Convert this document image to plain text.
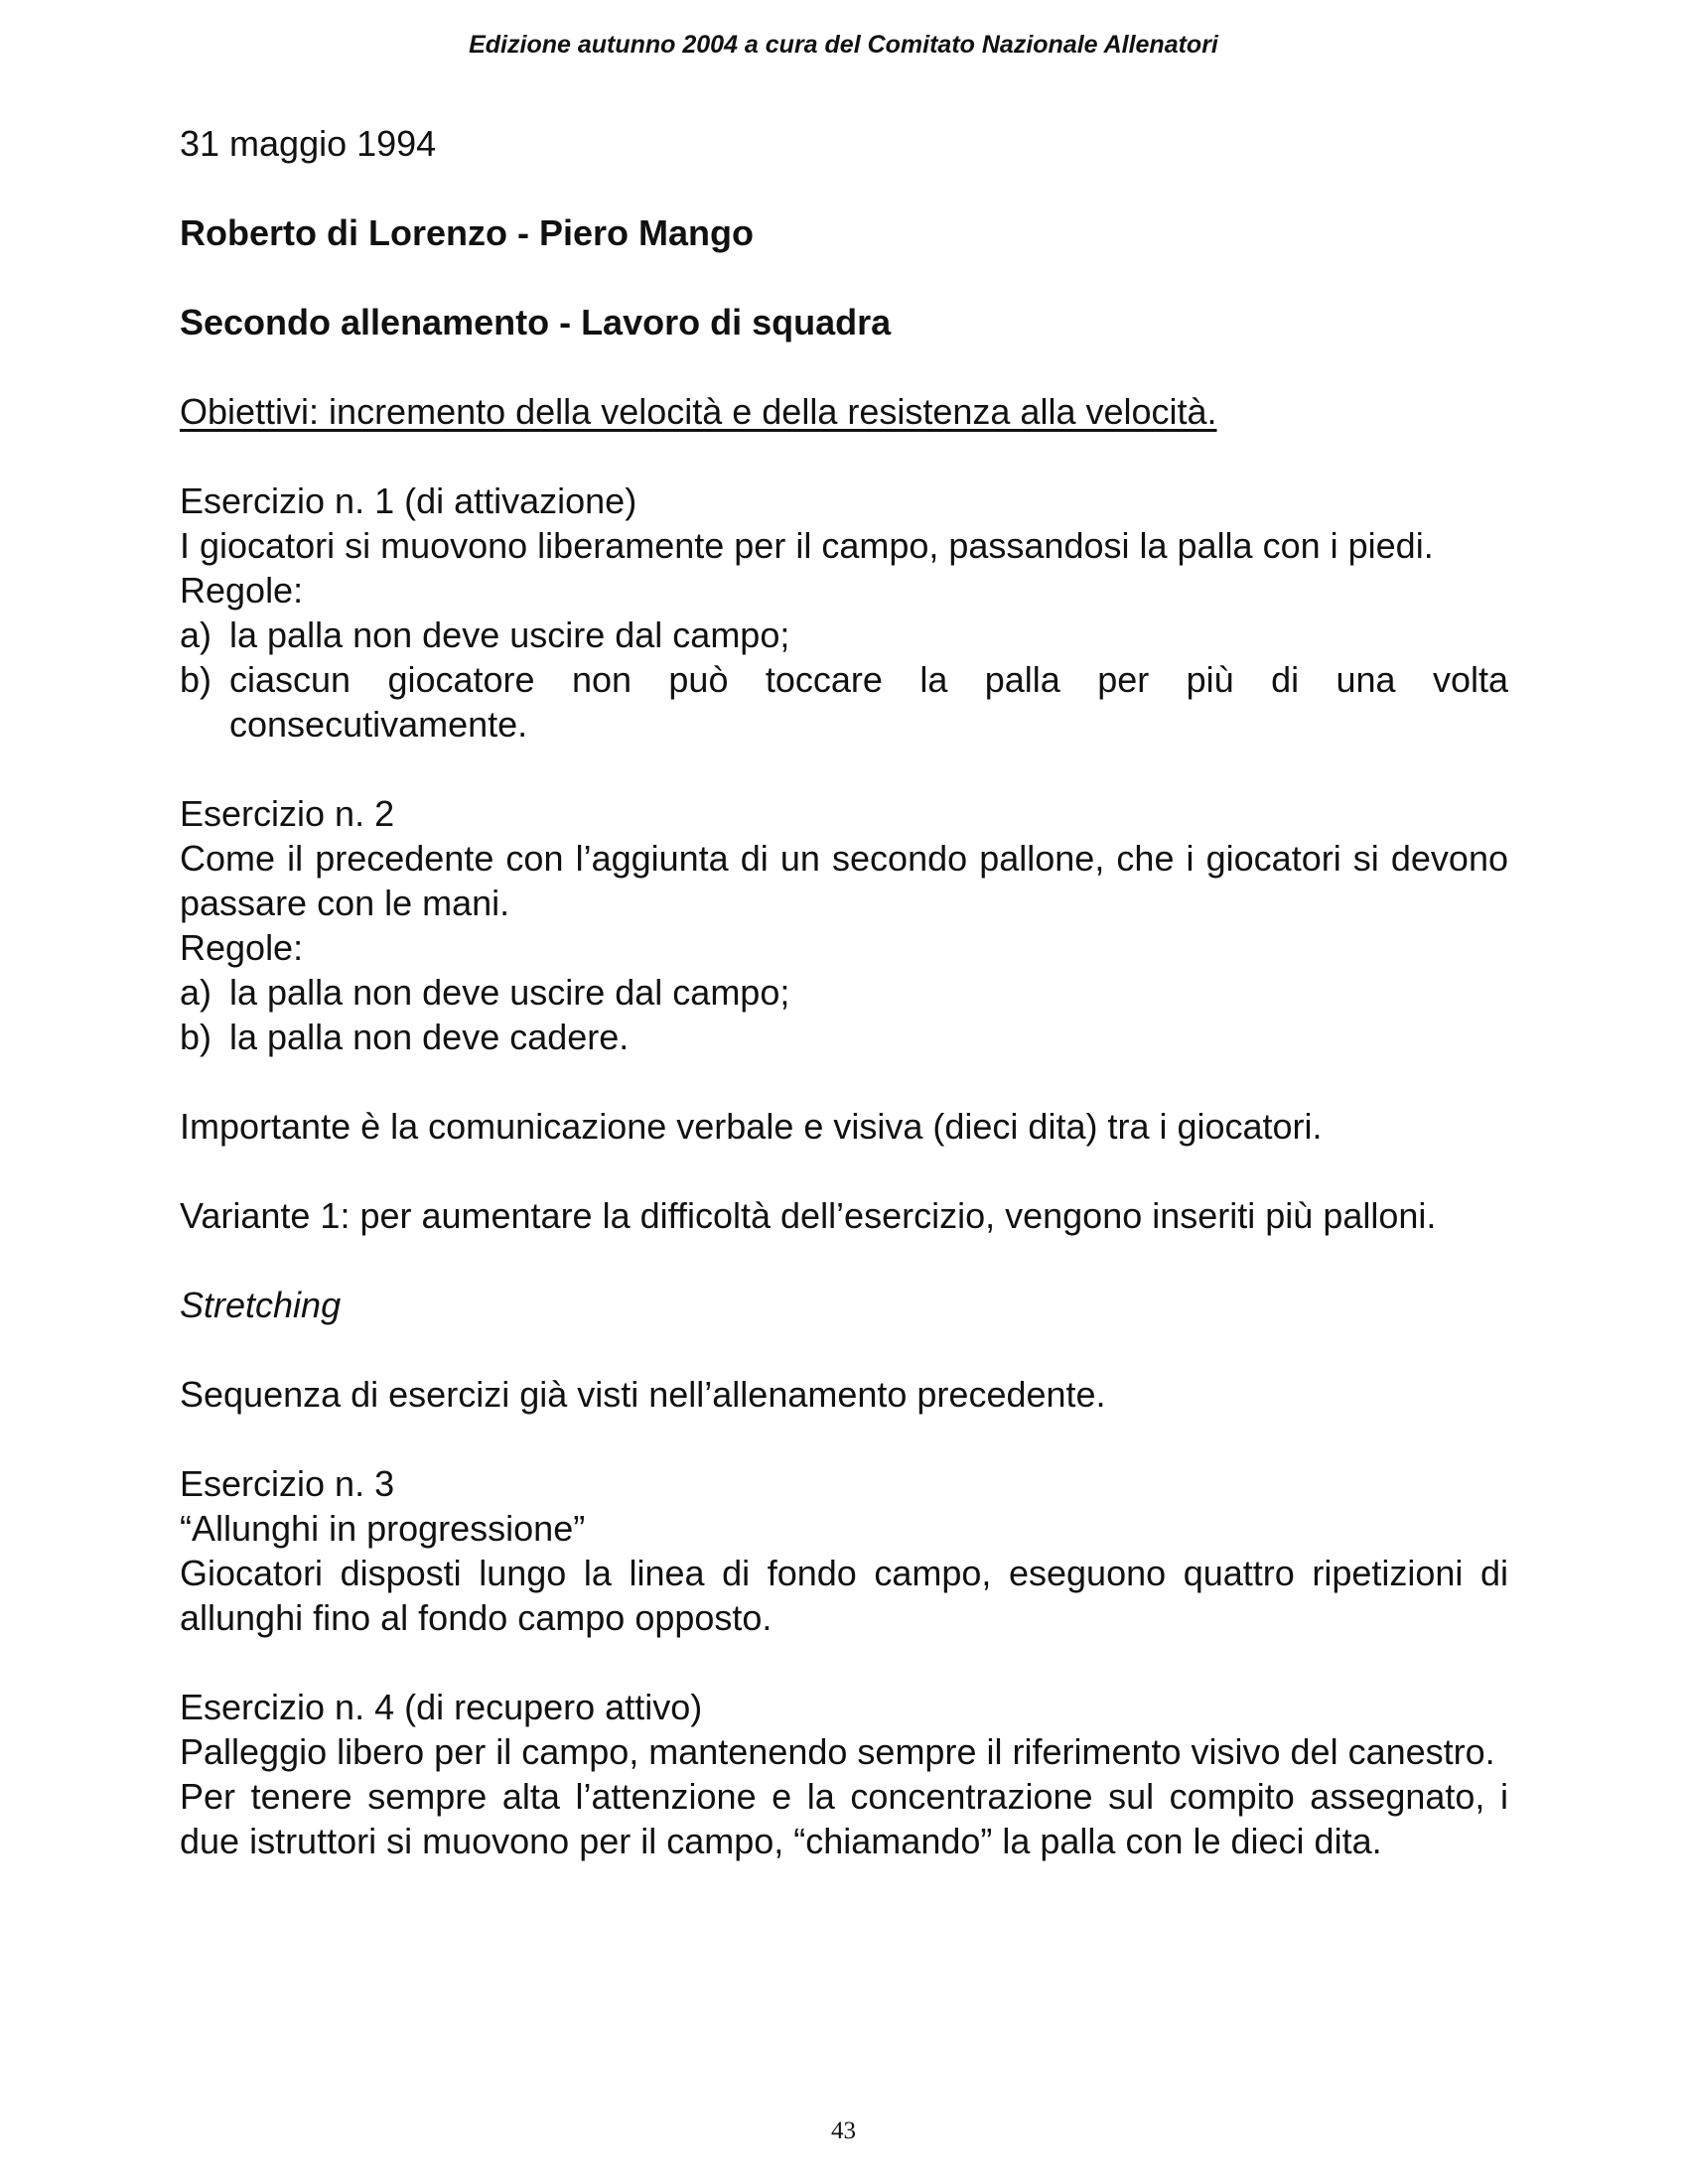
Edizione autunno 2004 a cura del Comitato Nazionale Allenatori

31 maggio 1994

Roberto di Lorenzo - Piero Mango

Secondo allenamento - Lavoro di squadra

Obiettivi: incremento della velocità e della resistenza alla velocità.

Esercizio n. 1 (di attivazione)

I giocatori si muovono liberamente per il campo, passandosi la palla con i piedi.

Regole:

a) la palla non deve uscire dal campo;
b) ciascun giocatore non può toccare la palla per più di una volta consecutivamente.

Esercizio n. 2

Come il precedente con l’aggiunta di un secondo pallone, che i giocatori si devono passare con le mani.

Regole:

a) la palla non deve uscire dal campo;
b) la palla non deve cadere.

Importante è la comunicazione verbale e visiva (dieci dita) tra i giocatori.

Variante 1: per aumentare la difficoltà dell’esercizio, vengono inseriti più palloni.

Stretching

Sequenza di esercizi già visti nell’allenamento precedente.

Esercizio n. 3

“Allunghi in progressione”

Giocatori disposti lungo la linea di fondo campo, eseguono quattro ripetizioni di allunghi fino al fondo campo opposto.

Esercizio n. 4 (di recupero attivo)

Palleggio libero per il campo, mantenendo sempre il riferimento visivo del canestro.

Per tenere sempre alta l’attenzione e la concentrazione sul compito assegnato, i due istruttori si muovono per il campo, “chiamando” la palla con le dieci dita.

43
